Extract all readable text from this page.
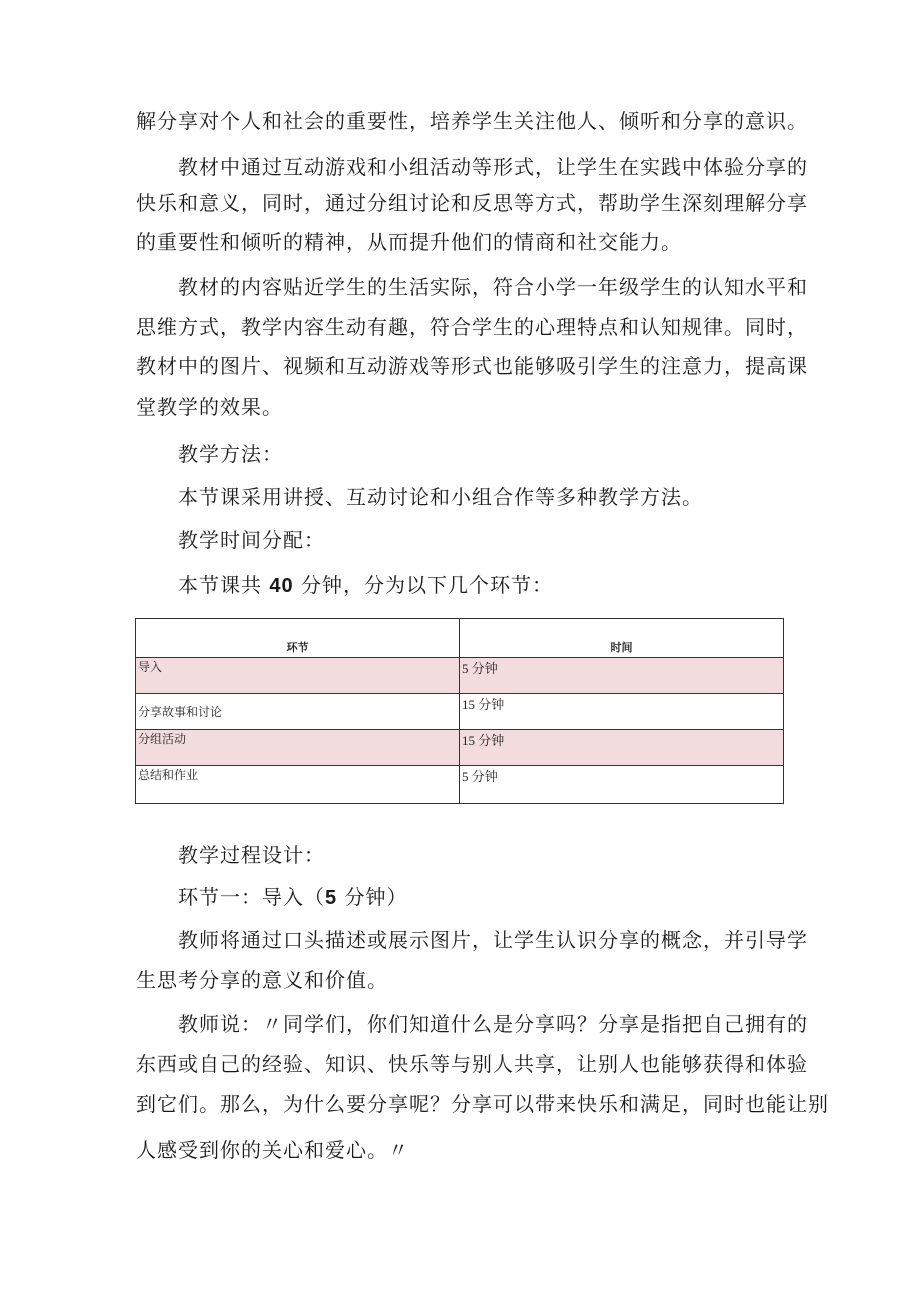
解分享对个人和社会的重要性，培养学生关注他人、倾听和分享的意识。
教材中通过互动游戏和小组活动等形式，让学生在实践中体验分享的
快乐和意义，同时，通过分组讨论和反思等方式，帮助学生深刻理解分享
的重要性和倾听的精神，从而提升他们的情商和社交能力。
教材的内容贴近学生的生活实际，符合小学一年级学生的认知水平和
思维方式，教学内容生动有趣，符合学生的心理特点和认知规律。同时，
教材中的图片、视频和互动游戏等形式也能够吸引学生的注意力，提高课
堂教学的效果。
教学方法：
本节课采用讲授、互动讨论和小组合作等多种教学方法。
教学时间分配：
本节课共 40 分钟，分为以下几个环节：
环节	时间
导入	5 分钟
分享故事和讨论	15 分钟
分组活动	15 分钟
总结和作业	5 分钟
教学过程设计：
环节一：导入（5 分钟）
教师将通过口头描述或展示图片，让学生认识分享的概念，并引导学
生思考分享的意义和价值。
教师说：〃同学们，你们知道什么是分享吗？分享是指把自己拥有的
东西或自己的经验、知识、快乐等与别人共享，让别人也能够获得和体验
到它们。那么，为什么要分享呢？分享可以带来快乐和满足，同时也能让别
人感受到你的关心和爱心。〃
